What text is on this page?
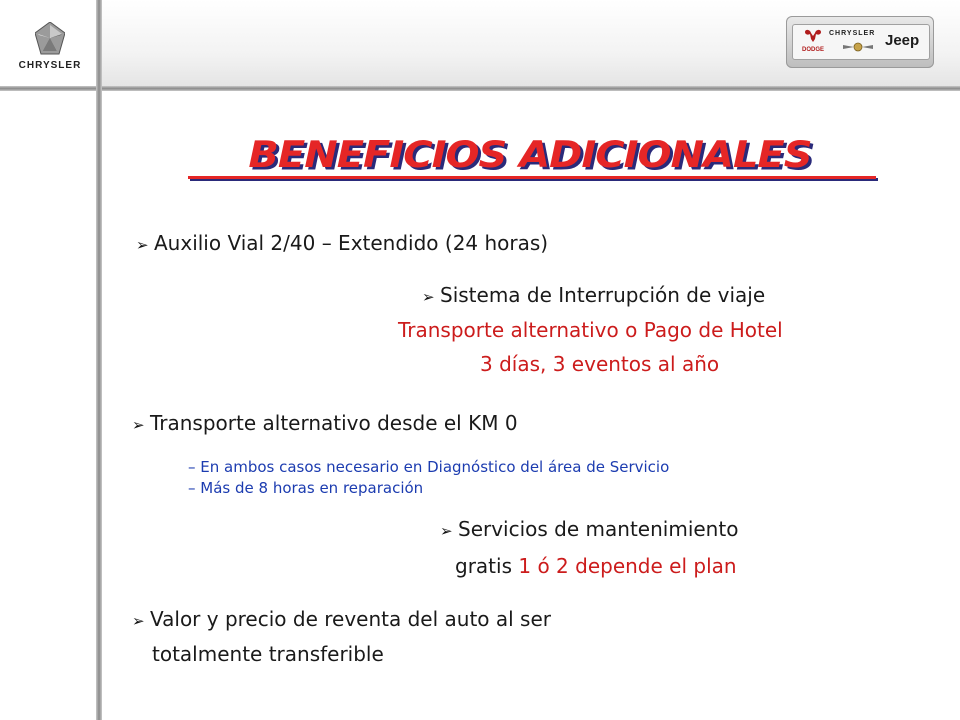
CHRYSLER
DODGE
CHRYSLER Jeep
BENEFICIOS ADICIONALES
➢ Auxilio Vial 2/40 – Extendido (24 horas)
➢ Sistema de Interrupción de viaje
Transporte alternativo o Pago de Hotel
3 días, 3 eventos al año
➢ Transporte alternativo desde el KM 0
– En ambos casos necesario en Diagnóstico del área de Servicio
– Más de 8 horas en reparación
➢ Servicios de mantenimiento
gratis 1 ó 2 depende el plan
➢ Valor y precio de reventa del auto al ser
totalmente transferible
